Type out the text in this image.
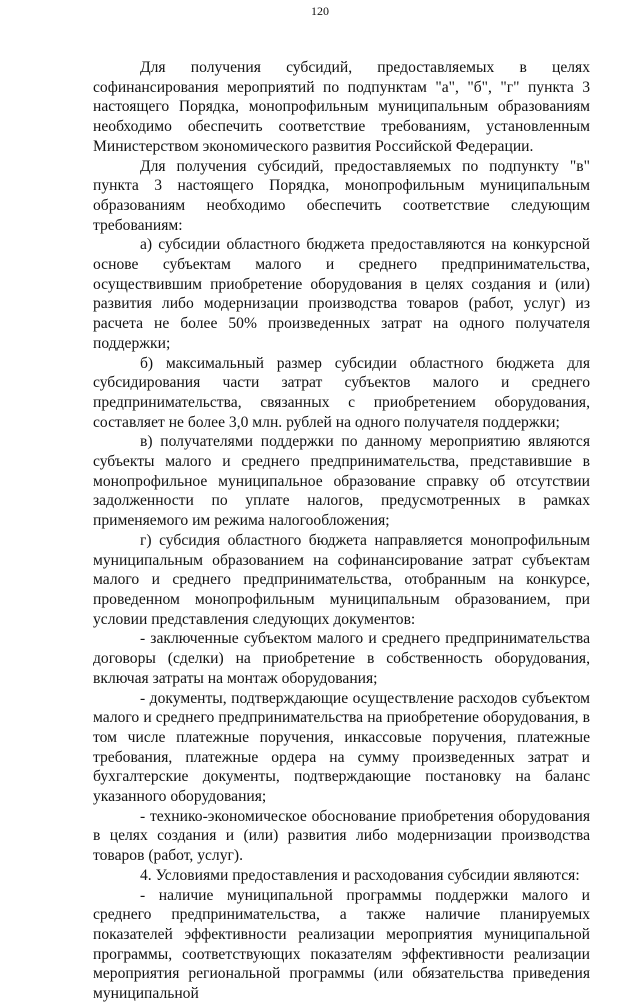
120

Для получения субсидий, предоставляемых в целях софинансирования мероприятий по подпунктам "а", "б", "г" пункта 3 настоящего Порядка, монопрофильным муниципальным образованиям необходимо обеспечить соответствие требованиям, установленным Министерством экономического развития Российской Федерации.

Для получения субсидий, предоставляемых по подпункту "в" пункта 3 настоящего Порядка, монопрофильным муниципальным образованиям необходимо обеспечить соответствие следующим требованиям:

а) субсидии областного бюджета предоставляются на конкурсной основе субъектам малого и среднего предпринимательства, осуществившим приобретение оборудования в целях создания и (или) развития либо модернизации производства товаров (работ, услуг) из расчета не более 50% произведенных затрат на одного получателя поддержки;

б) максимальный размер субсидии областного бюджета для субсидирования части затрат субъектов малого и среднего предпринимательства, связанных с приобретением оборудования, составляет не более 3,0 млн. рублей на одного получателя поддержки;

в) получателями поддержки по данному мероприятию являются субъекты малого и среднего предпринимательства, представившие в монопрофильное муниципальное образование справку об отсутствии задолженности по уплате налогов, предусмотренных в рамках применяемого им режима налогообложения;

г) субсидия областного бюджета направляется монопрофильным муниципальным образованием на софинансирование затрат субъектам малого и среднего предпринимательства, отобранным на конкурсе, проведенном монопрофильным муниципальным образованием, при условии представления следующих документов:

- заключенные субъектом малого и среднего предпринимательства договоры (сделки) на приобретение в собственность оборудования, включая затраты на монтаж оборудования;

- документы, подтверждающие осуществление расходов субъектом малого и среднего предпринимательства на приобретение оборудования, в том числе платежные поручения, инкассовые поручения, платежные требования, платежные ордера на сумму произведенных затрат и бухгалтерские документы, подтверждающие постановку на баланс указанного оборудования;

- технико-экономическое обоснование приобретения оборудования в целях создания и (или) развития либо модернизации производства товаров (работ, услуг).

4. Условиями предоставления и расходования субсидии являются:

- наличие муниципальной программы поддержки малого и среднего предпринимательства, а также наличие планируемых показателей эффективности реализации мероприятия муниципальной программы, соответствующих показателям эффективности реализации мероприятия региональной программы (или обязательства приведения муниципальной
